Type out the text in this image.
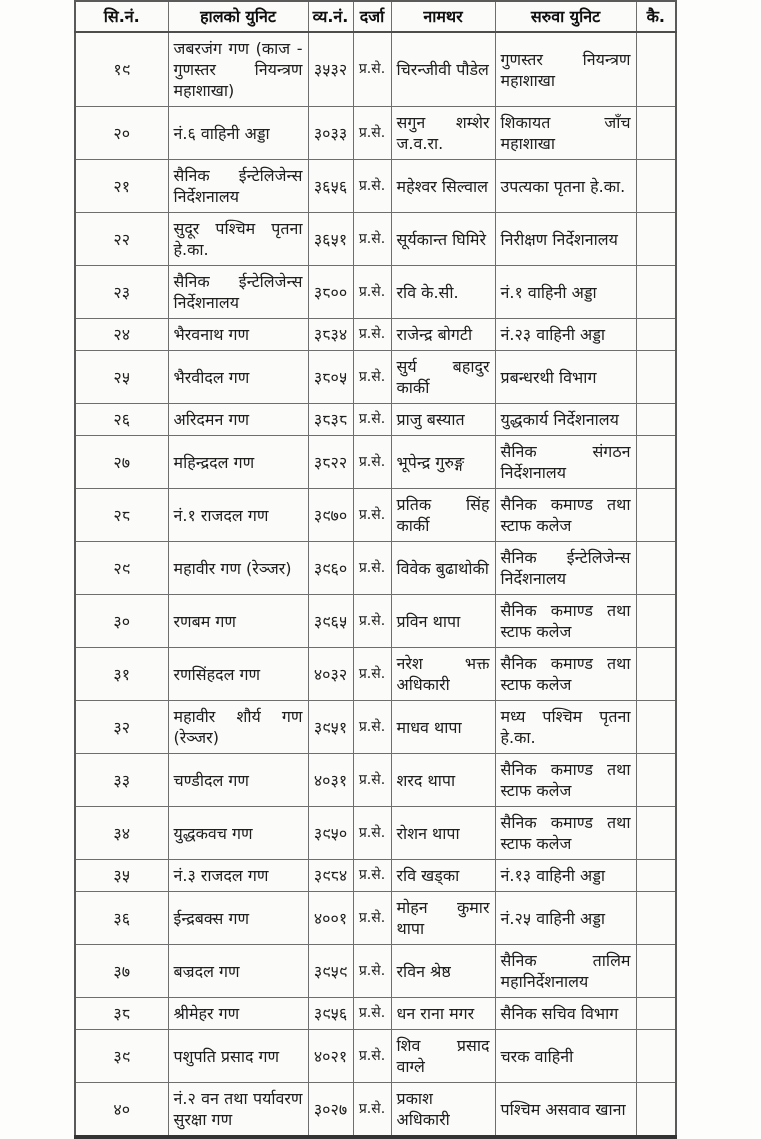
सि.नं.	हालको युनिट	व्य.नं.	दर्जा	नामथर	सरुवा युनिट	कै.
१९	जबरजंग गण (काज - गुणस्तर नियन्त्रण महाशाखा)	३५३२	प्र.से.	चिरन्जीवी पौडेल	गुणस्तर नियन्त्रण महाशाखा	
२०	नं.६ वाहिनी अड्डा	३०३३	प्र.से.	सगुन शम्शेर ज.व.रा.	शिकायत जाँच महाशाखा	
२१	सैनिक ईन्टेलिजेन्स निर्देशनालय	३६५६	प्र.से.	महेश्वर सिल्वाल	उपत्यका पृतना हे.का.	
२२	सुदूर पश्चिम पृतना हे.का.	३६५१	प्र.से.	सूर्यकान्त घिमिरे	निरीक्षण निर्देशनालय	
२३	सैनिक ईन्टेलिजेन्स निर्देशनालय	३८००	प्र.से.	रवि के.सी.	नं.१ वाहिनी अड्डा	
२४	भैरवनाथ गण	३८३४	प्र.से.	राजेन्द्र बोगटी	नं.२३ वाहिनी अड्डा	
२५	भैरवीदल गण	३८०५	प्र.से.	सुर्य बहादुर कार्की	प्रबन्धरथी विभाग	
२६	अरिदमन गण	३८३८	प्र.से.	प्राजु बस्यात	युद्धकार्य निर्देशनालय	
२७	महिन्द्रदल गण	३८२२	प्र.से.	भूपेन्द्र गुरुङ्ग	सैनिक संगठन निर्देशनालय	
२८	नं.१ राजदल गण	३९७०	प्र.से.	प्रतिक सिंह कार्की	सैनिक कमाण्ड तथा स्टाफ कलेज	
२९	महावीर गण (रेञ्जर)	३९६०	प्र.से.	विवेक बुढाथोकी	सैनिक ईन्टेलिजेन्स निर्देशनालय	
३०	रणबम गण	३९६५	प्र.से.	प्रविन थापा	सैनिक कमाण्ड तथा स्टाफ कलेज	
३१	रणसिंहदल गण	४०३२	प्र.से.	नरेश भक्त अधिकारी	सैनिक कमाण्ड तथा स्टाफ कलेज	
३२	महावीर शौर्य गण (रेञ्जर)	३९५१	प्र.से.	माधव थापा	मध्य पश्चिम पृतना हे.का.	
३३	चण्डीदल गण	४०३१	प्र.से.	शरद थापा	सैनिक कमाण्ड तथा स्टाफ कलेज	
३४	युद्धकवच गण	३९५०	प्र.से.	रोशन थापा	सैनिक कमाण्ड तथा स्टाफ कलेज	
३५	नं.३ राजदल गण	३९८४	प्र.से.	रवि खड्का	नं.१३ वाहिनी अड्डा	
३६	ईन्द्रबक्स गण	४००१	प्र.से.	मोहन कुमार थापा	नं.२५ वाहिनी अड्डा	
३७	बज्रदल गण	३९५९	प्र.से.	रविन श्रेष्ठ	सैनिक तालिम महानिर्देशनालय	
३८	श्रीमेहर गण	३९५६	प्र.से.	धन राना मगर	सैनिक सचिव विभाग	
३९	पशुपति प्रसाद गण	४०२१	प्र.से.	शिव प्रसाद वाग्ले	चरक वाहिनी	
४०	नं.२ वन तथा पर्यावरण सुरक्षा गण	३०२७	प्र.से.	प्रकाश अधिकारी	पश्चिम असवाव खाना	
